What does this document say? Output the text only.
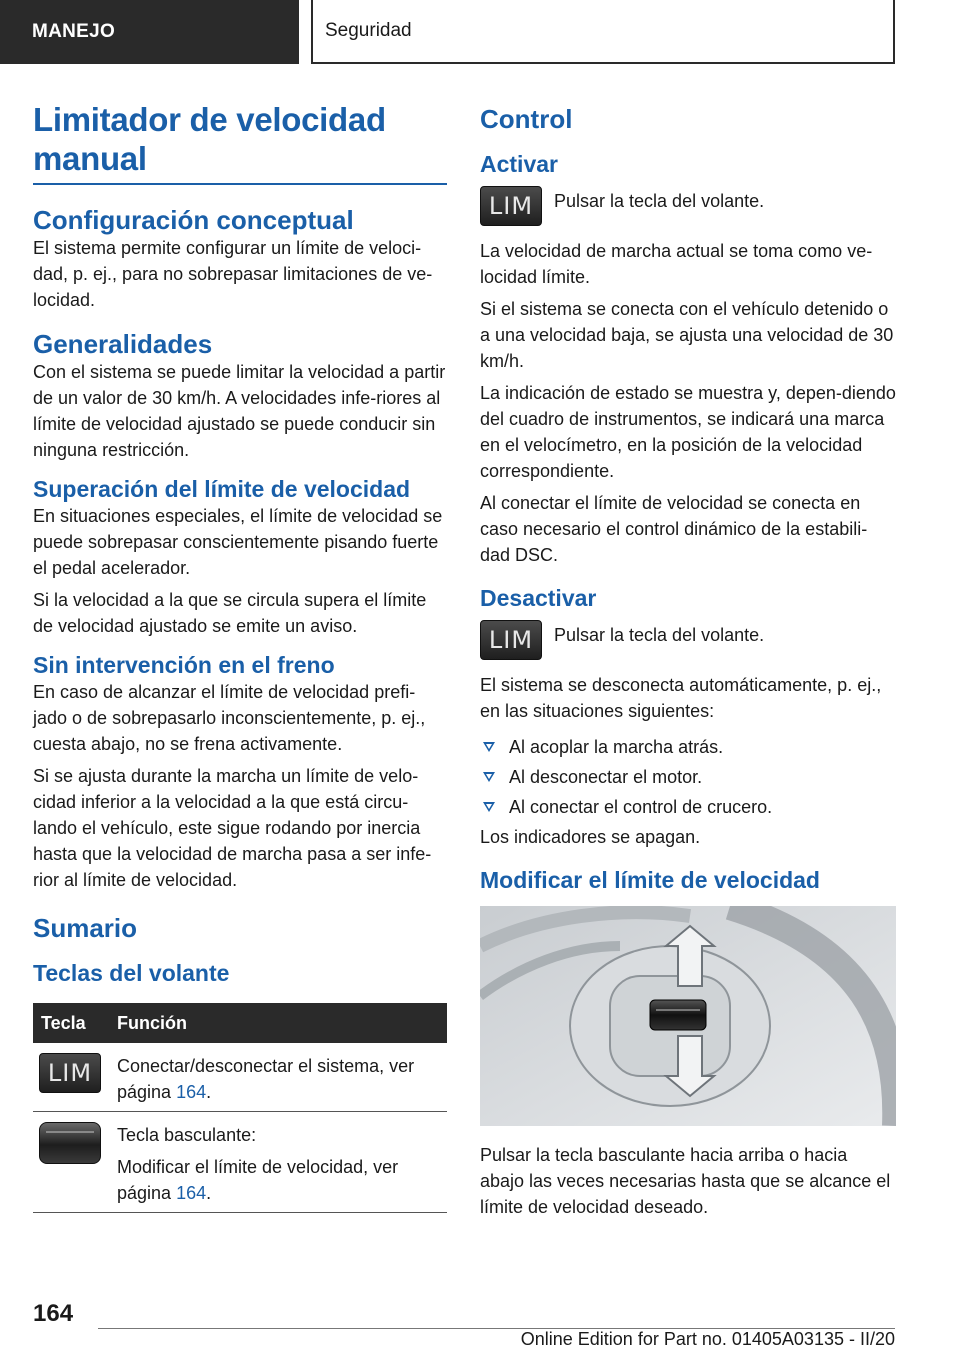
MANEJO	Seguridad
Limitador de velocidad manual
Configuración conceptual

El sistema permite configurar un límite de veloci-dad, p. ej., para no sobrepasar limitaciones de ve-locidad.

Generalidades

Con el sistema se puede limitar la velocidad a partir de un valor de 30 km/h. A velocidades infe-riores al límite de velocidad ajustado se puede conducir sin ninguna restricción.

Superación del límite de velocidad

En situaciones especiales, el límite de velocidad se puede sobrepasar conscientemente pisando fuerte el pedal acelerador.

Si la velocidad a la que se circula supera el límite de velocidad ajustado se emite un aviso.

Sin intervención en el freno

En caso de alcanzar el límite de velocidad prefi-jado o de sobrepasarlo inconscientemente, p. ej., cuesta abajo, no se frena activamente.

Si se ajusta durante la marcha un límite de velo-cidad inferior a la velocidad a la que está circu-lando el vehículo, este sigue rodando por inercia hasta que la velocidad de marcha pasa a ser infe-rior al límite de velocidad.

Sumario
Teclas del volante
Tecla	Función
LIM	Conectar/desconectar el sistema, ver página 164.

	Tecla basculante:
Modificar el límite de velocidad, ver página 164.
Control
Activar
LIM	Pulsar la tecla del volante.

La velocidad de marcha actual se toma como ve-locidad límite.

Si el sistema se conecta con el vehículo detenido o a una velocidad baja, se ajusta una velocidad de 30 km/h.

La indicación de estado se muestra y, depen-diendo del cuadro de instrumentos, se indicará una marca en el velocímetro, en la posición de la velocidad correspondiente.

Al conectar el límite de velocidad se conecta en caso necesario el control dinámico de la estabili-dad DSC.

Desactivar
LIM	Pulsar la tecla del volante.

El sistema se desconecta automáticamente, p. ej., en las situaciones siguientes:

Al acoplar la marcha atrás.
Al desconectar el motor.
Al conectar el control de crucero.

Los indicadores se apagan.

Modificar el límite de velocidad

Pulsar la tecla basculante hacia arriba o hacia abajo las veces necesarias hasta que se alcance el límite de velocidad deseado.

164
Online Edition for Part no. 01405A03135 - II/20
